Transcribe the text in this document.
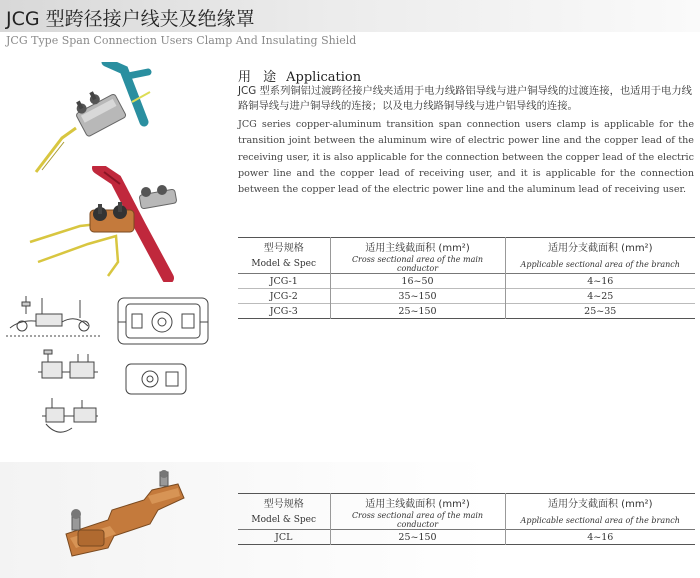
JCG 型跨径接户线夹及绝缘罩
JCG Type Span Connection Users Clamp And Insulating Shield
用 途 Application
JCG 型系列铜铝过渡跨径接户线夹适用于电力线路铝导线与进户铜导线的过渡连接，也适用于电力线路铜导线与进户铜导线的连接；以及电力线路铜导线与进户铝导线的连接。
JCG series copper-aluminum transition span connection users clamp is applicable for the transition joint between the aluminum wire of electric power line and the copper lead of the receiving user, it is also applicable for the connection between the copper lead of the electric power line and the copper lead of receiving user, and it is applicable for the connection between the copper lead of the electric power line and the aluminum lead of receiving user.
型号规格	适用主线截面积 (mm²)	适用分支截面积 (mm²)
Model & Spec	Cross sectional area of the main conductor	Applicable sectional area of the branch
JCG-1	16~50	4~16
JCG-2	35~150	4~25
JCG-3	25~150	25~35
型号规格	适用主线截面积 (mm²)	适用分支截面积 (mm²)
Model & Spec	Cross sectional area of the main conductor	Applicable sectional area of the branch
JCL	25~150	4~16
